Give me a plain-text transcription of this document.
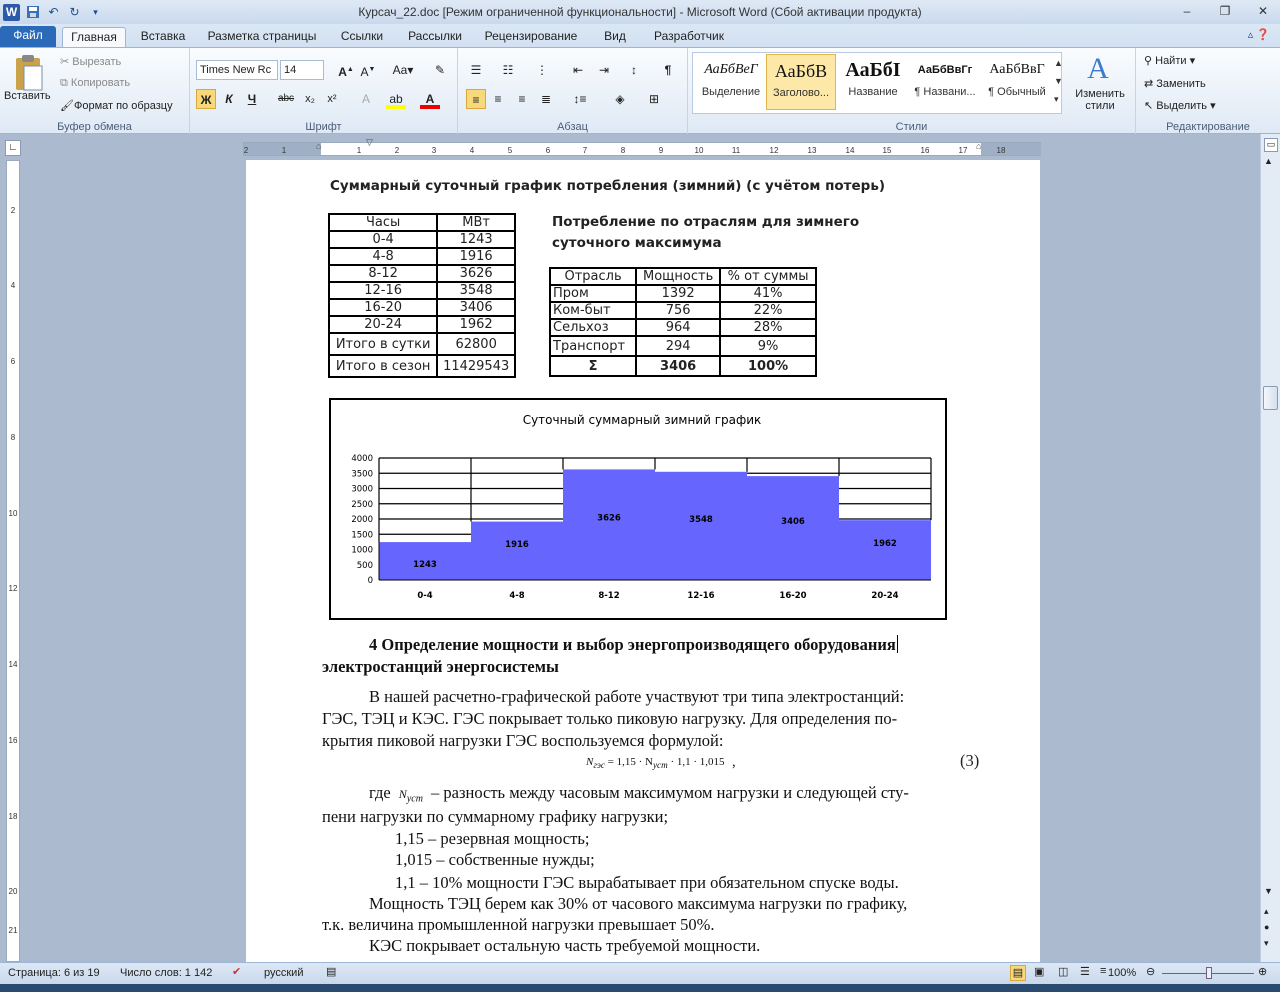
W	↶ ↻	▾	Курсач_22.doc [Режим ограниченной функциональности] - Microsoft Word (Сбой активации продукта)	–	❐	✕
Файл	Главная	Вставка	Разметка страницы	Ссылки	Рассылки	Рецензирование	Вид	Разработчик	▵ ❓
Вставить
✂ Вырезать
⧉ Копировать
🖌Формат по образцу
Буфер обмена
Times New Rc	14	A▲ A▼ Aa▾	✎
Ж	К	Ч	abc	x₂	x²	A	ab	A
Шрифт
☰	☷	⋮	⇤	⇥	↕	¶
≡	≡	≡	≣	↕≡	◈	⊞
Абзац
АаБбВеГ
Выделение
АаБбВ
Заголово...
АаБбІ
Название
АаБбВвГг
¶ Названи...
АаБбВвГ
¶ Обычный
▲
▼
▾
A
Изменить стили
Стили
⚲ Найти ▾
⇄ Заменить
↖ Выделить ▾
Редактирование
∟	2	1	1	2	3	4	5	6	7	8	9	10	11	12	13	14	15	16	17	18
⌂	▽	⌂
2
4
6
8
10
12
14
16
18
20
21
Суммарный суточный график потребления (зимний) (с учётом потерь)
Часы	МВт
0-4	1243
4-8	1916
8-12	3626
12-16	3548
16-20	3406
20-24	1962
Итого в сутки	62800
Итого в сезон	11429543
Потребление по отраслям для зимнего суточного максимума
Отрасль	Мощность	% от суммы
Пром	1392	41%
Ком-быт	756	22%
Сельхоз	964	28%
Транспорт	294	9%
Σ	3406	100%
Суточный суммарный зимний график
0
500
1000
1500
2000
2500
3000
3500
4000
0-4
1243
4-8
1916
8-12
3626
12-16
3548
16-20
3406
20-24
1962
4 Определение мощности и выбор энергопроизводящего оборудования
электростанций энергосистемы
В нашей расчетно-графической работе участвуют три типа электростанций:
ГЭС, ТЭЦ и КЭС. ГЭС покрывает только пиковую нагрузку. Для определения по-
крытия пиковой нагрузки ГЭС воспользуемся формулой:
$N_{гэс} = 1,15 \cdot N_{уст} \cdot 1,1 \cdot 1,015$ ,	(3)
где $N_{уст}$ – разность между часовым максимумом нагрузки и следующей сту-
пени нагрузки по суммарному графику нагрузки;
1,15 – резервная мощность;
1,015 – собственные нужды;
1,1 – 10% мощности ГЭС вырабатывает при обязательном спуске воды.
Мощность ТЭЦ берем как 30% от часового максимума нагрузки по графику,
т.к. величина промышленной нагрузки превышает 50%.
КЭС покрывает остальную часть требуемой мощности.
▭
▲
▼
▴
●
▾
Страница: 6 из 19 Число слов: 1 142 ✔ русский ▤	▤ ▣ ◫ ☰ ≡ 100% ⊖	⊕
